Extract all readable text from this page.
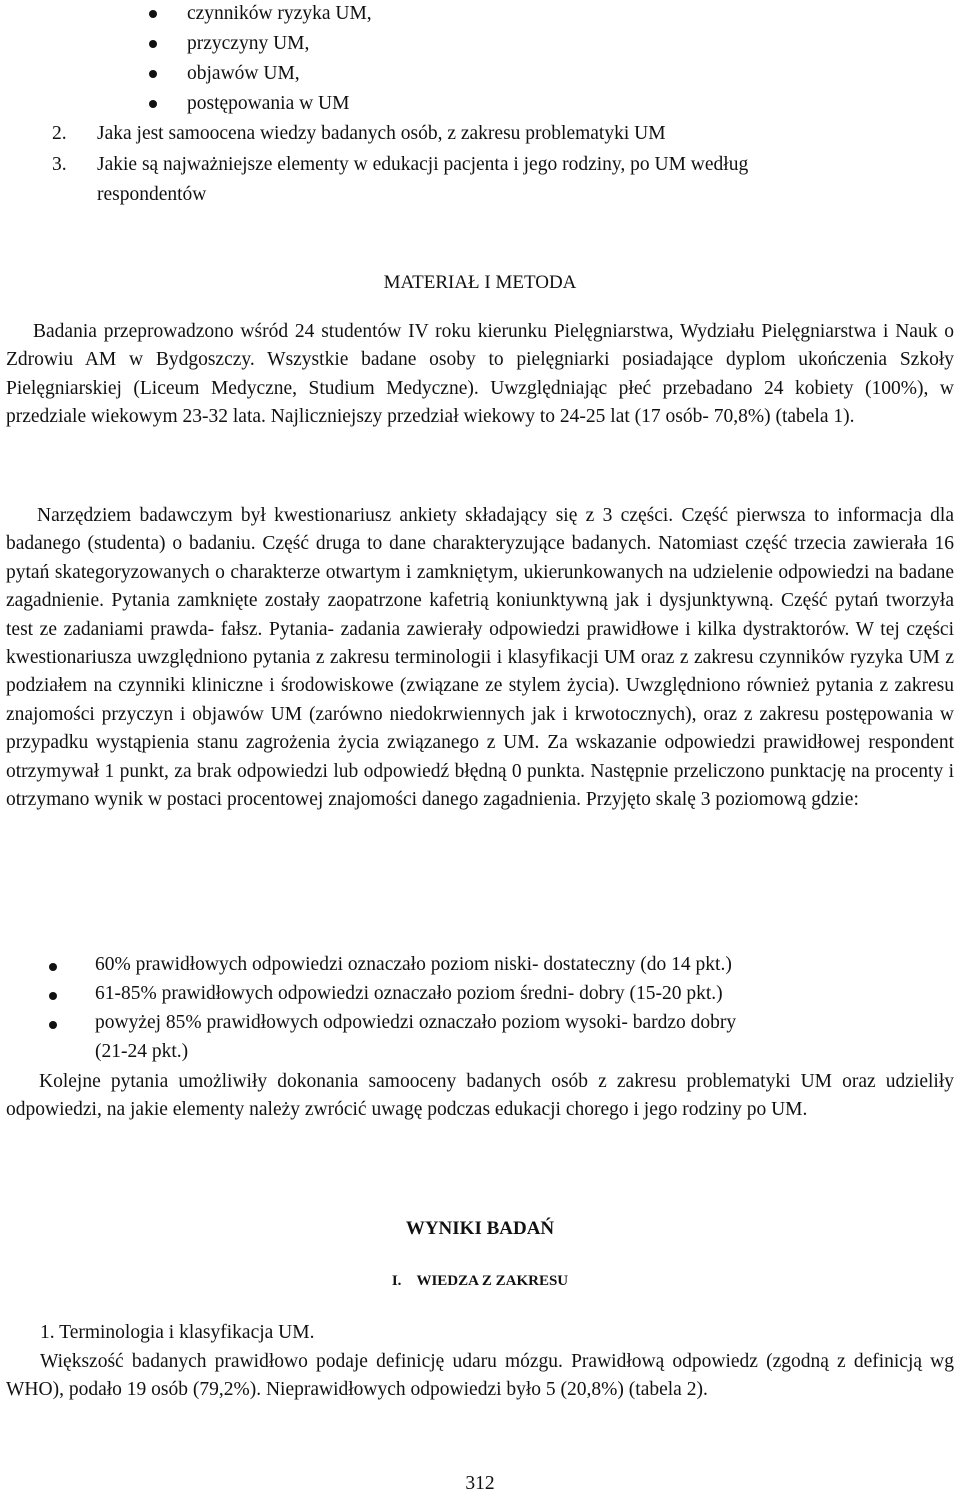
czynników ryzyka UM,
przyczyny UM,
objawów UM,
postępowania w UM
2. Jaka jest samoocena wiedzy badanych osób, z zakresu problematyki UM
3. Jakie są najważniejsze elementy w edukacji pacjenta i jego rodziny, po UM według
respondentów
MATERIAŁ I METODA

Badania przeprowadzono wśród 24 studentów IV roku kierunku Pielęgniarstwa, Wydziału Pielęgniarstwa i Nauk o Zdrowiu AM w Bydgoszczy. Wszystkie badane osoby to pielęgniarki posiadające dyplom ukończenia Szkoły Pielęgniarskiej (Liceum Medyczne, Studium Medyczne). Uwzględniając płeć przebadano 24 kobiety (100%), w przedziale wiekowym 23-32 lata. Najliczniejszy przedział wiekowy to 24-25 lat (17 osób- 70,8%) (tabela 1).

Narzędziem badawczym był kwestionariusz ankiety składający się z 3 części. Część pierwsza to informacja dla badanego (studenta) o badaniu. Część druga to dane charakteryzujące badanych. Natomiast część trzecia zawierała 16 pytań skategoryzowanych o charakterze otwartym i zamkniętym, ukierunkowanych na udzielenie odpowiedzi na badane zagadnienie. Pytania zamknięte zostały zaopatrzone kafetrią koniunktywną jak i dysjunktywną. Część pytań tworzyła test ze zadaniami prawda- fałsz. Pytania- zadania zawierały odpowiedzi prawidłowe i kilka dystraktorów. W tej części kwestionariusza uwzględniono pytania z zakresu terminologii i klasyfikacji UM oraz z zakresu czynników ryzyka UM z podziałem na czynniki kliniczne i środowiskowe (związane ze stylem życia). Uwzględniono również pytania z zakresu znajomości przyczyn i objawów UM (zarówno niedokrwiennych jak i krwotocznych), oraz z zakresu postępowania w przypadku wystąpienia stanu zagrożenia życia związanego z UM. Za wskazanie odpowiedzi prawidłowej respondent otrzymywał 1 punkt, za brak odpowiedzi lub odpowiedź błędną 0 punkta. Następnie przeliczono punktację na procenty i otrzymano wynik w postaci procentowej znajomości danego zagadnienia. Przyjęto skalę 3 poziomową gdzie:

60% prawidłowych odpowiedzi oznaczało poziom niski- dostateczny (do 14 pkt.)
61-85% prawidłowych odpowiedzi oznaczało poziom średni- dobry (15-20 pkt.)
powyżej 85% prawidłowych odpowiedzi oznaczało poziom wysoki- bardzo dobry
(21-24 pkt.)

Kolejne pytania umożliwiły dokonania samooceny badanych osób z zakresu problematyki UM oraz udzieliły odpowiedzi, na jakie elementy należy zwrócić uwagę podczas edukacji chorego i jego rodziny po UM.

WYNIKI BADAŃ
I. WIEDZA Z ZAKRESU
1. Terminologia i klasyfikacja UM.

Większość badanych prawidłowo podaje definicję udaru mózgu. Prawidłową odpowiedz (zgodną z definicją wg WHO), podało 19 osób (79,2%). Nieprawidłowych odpowiedzi było 5 (20,8%) (tabela 2).

312
